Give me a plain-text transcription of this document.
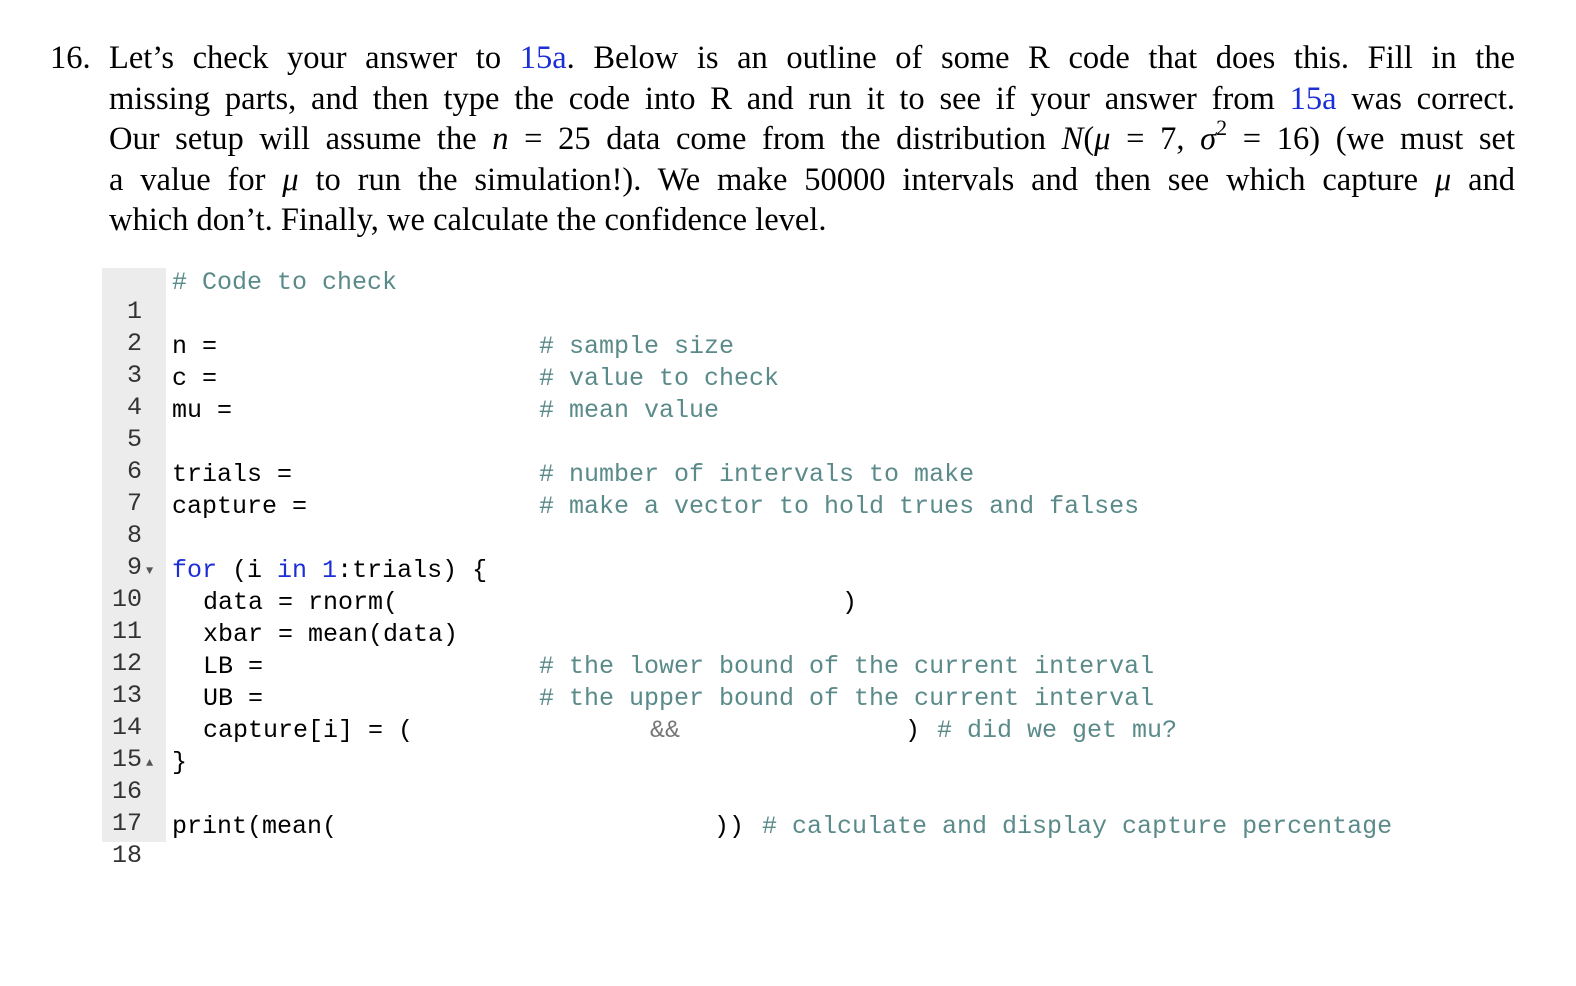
16. Let’s check your answer to 15a. Below is an outline of some R code that does this. Fill in the
missing parts, and then type the code into R and run it to see if your answer from 15a was correct.
Our setup will assume the n = 25 data come from the distribution N(μ = 7, $\sigma^2 = 16$) (we must set
a value for μ to run the simulation!). We make 50000 intervals and then see which capture μ and
which don’t. Finally, we calculate the confidence level.

1

# Code to check

2

3

n =

	# sample size

4

c =

	# value to check

5

mu =

	# mean value

6

7

trials =

	# number of intervals to make

8

capture =

	# make a vector to hold trues and falses

9

10

▼

for (i in 1:trials) {

11

data = rnorm(

	)

12

xbar = mean(data)

13

LB =

	# the lower bound of the current interval

14

UB =

	# the upper bound of the current interval

15

capture[i] = (

	&&

	)

# did we get mu?

16

▲

}

17

18

print(mean(

	))

# calculate and display capture percentage
